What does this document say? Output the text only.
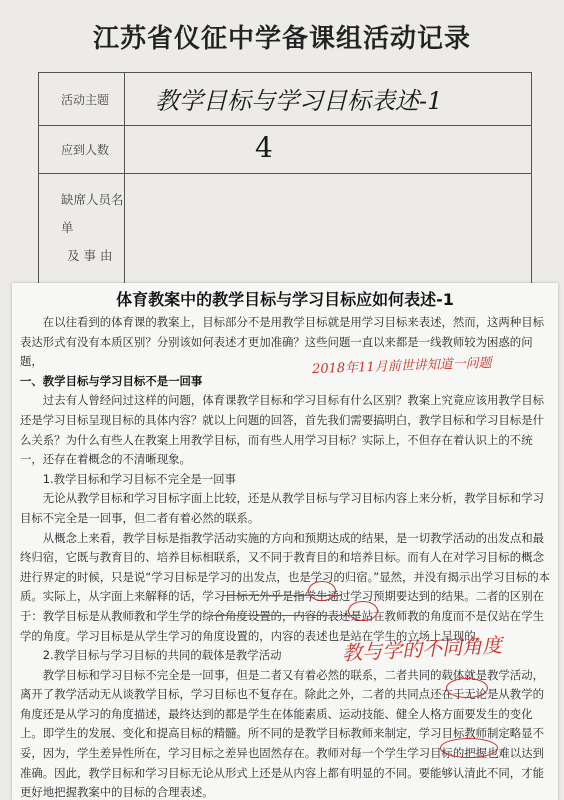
江苏省仪征中学备课组活动记录
活动主题	教学目标与学习目标表述-1
应到人数	4
缺席人员名单
及 事 由
体育教案中的教学目标与学习目标应如何表述-1

在以往看到的体育课的教案上，目标部分不是用教学目标就是用学习目标来表述，然而，这两种目标表达形式有没有本质区别？分别该如何表述才更加准确？这些问题一直以来都是一线教师较为困惑的问题，

一、教学目标与学习目标不是一回事

过去有人曾经问过这样的问题，体育课教学目标和学习目标有什么区别？教案上究竟应该用教学目标还是学习目标呈现目标的具体内容？就以上问题的回答，首先我们需要搞明白，教学目标和学习目标是什么关系？为什么有些人在教案上用教学目标，而有些人用学习目标？实际上，不但存在着认识上的不统一，还存在着概念的不清晰现象。

1.教学目标和学习目标不完全是一回事

无论从教学目标和学习目标字面上比较，还是从教学目标与学习目标内容上来分析，教学目标和学习目标不完全是一回事，但二者有着必然的联系。

从概念上来看，教学目标是指教学活动实施的方向和预期达成的结果，是一切教学活动的出发点和最终归宿，它既与教育目的、培养目标相联系，又不同于教育目的和培养目标。而有人在对学习目标的概念进行界定的时候，只是说“学习目标是学习的出发点，也是学习的归宿。”显然，并没有揭示出学习目标的本质。实际上，从字面上来解释的话，学习目标无外乎是指学生通过学习预期要达到的结果。二者的区别在于：教学目标是从教师教和学生学的综合角度设置的，内容的表述是站在教师教的角度而不是仅站在学生学的角度。学习目标是从学生学习的角度设置的，内容的表述也是站在学生的立场上呈现的。

2.教学目标与学习目标的共同的载体是教学活动

教学目标和学习目标不完全是一回事，但是二者又有着必然的联系，二者共同的载体就是教学活动，离开了教学活动无从谈教学目标，学习目标也不复存在。除此之外，二者的共同点还在于无论是从教学的角度还是从学习的角度描述，最终达到的都是学生在体能素质、运动技能、健全人格方面要发生的变化上。即学生的发展、变化和提高目标的精髓。所不同的是教学目标教师来制定，学习目标教师制定略显不妥，因为，学生差异性所在，学习目标之差异也固然存在。教师对每一个学生学习目标的把握也难以达到准确。因此，教学目标和学习目标无论从形式上还是从内容上都有明显的不同。要能够认清此不同，才能更好地把握教案中的目标的合理表述。

2018年11月前世讲知道一问题
教与学的不同角度
